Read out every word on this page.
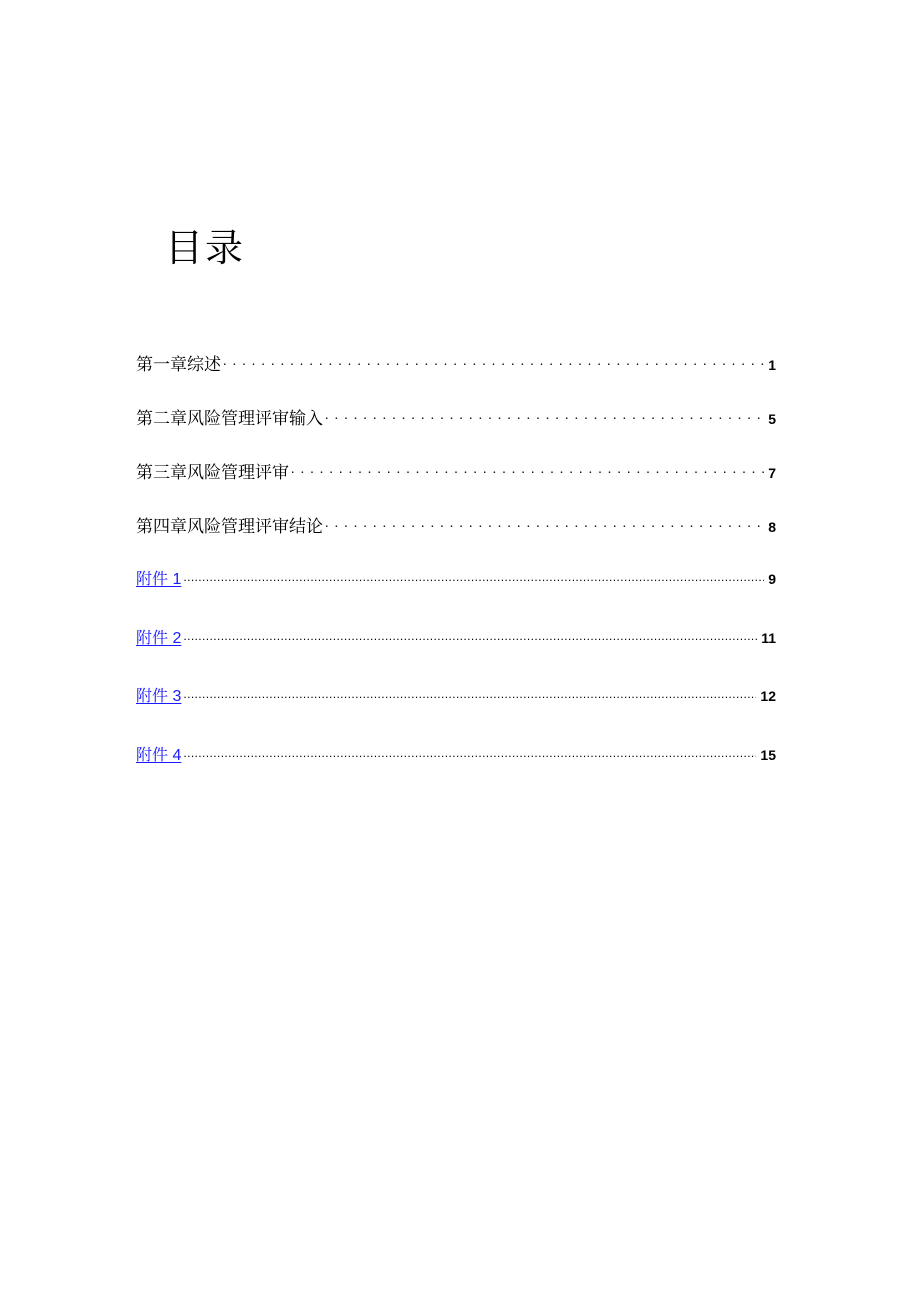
目录
第一章综述 . . .	1
第二章风险管理评审输入 . . .	5
第三章风险管理评审 . . .	7
第四章风险管理评审结论 . . .	8
附件 1 .....	9
附件 2 .....	11
附件 3 .....	12
附件 4 .....	15
